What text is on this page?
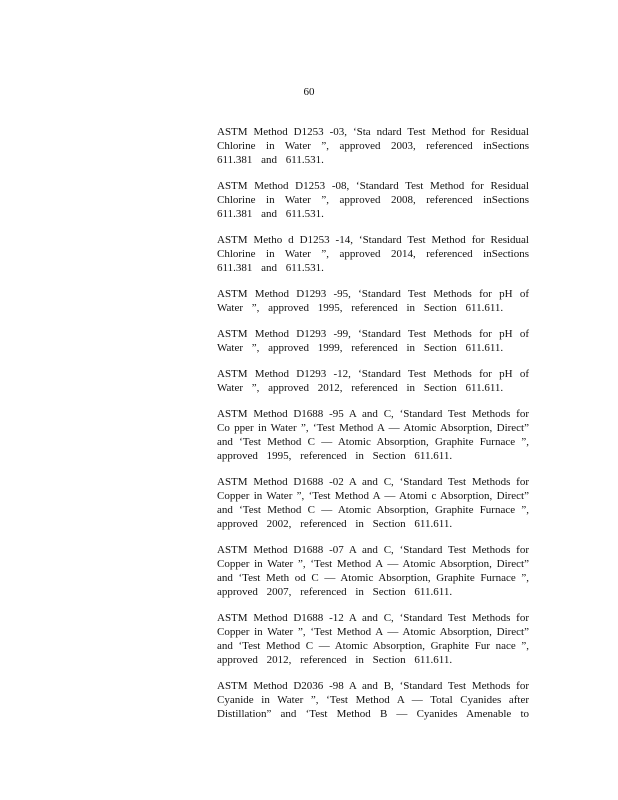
60
ASTM Method D1253 -03, ‘Sta ndard Test Method for Residual
Chlorine in Water ”, approved 2003, referenced inSections
611.381 and 611.531.
ASTM Method D1253 -08, ‘Standard Test Method for Residual
Chlorine in Water ”, approved 2008, referenced inSections
611.381 and 611.531.
ASTM Metho d D1253 -14, ‘Standard Test Method for Residual
Chlorine in Water ”, approved 2014, referenced inSections
611.381 and 611.531.
ASTM Method D1293 -95, ‘Standard Test Methods for pH of
Water ”, approved 1995, referenced in Section 611.611.
ASTM Method D1293 -99, ‘Standard Test Methods for pH of
Water ”, approved 1999, referenced in Section 611.611.
ASTM Method D1293 -12, ‘Standard Test Methods for pH of
Water ”, approved 2012, referenced in Section 611.611.
ASTM Method D1688 -95 A and C, ‘Standard Test Methods for
Co pper in Water ”, ‘Test Method A — Atomic Absorption, Direct”
and ‘Test Method C — Atomic Absorption, Graphite Furnace ”,
approved 1995, referenced in Section 611.611.
ASTM Method D1688 -02 A and C, ‘Standard Test Methods for
Copper in Water ”, ‘Test Method A — Atomi c Absorption, Direct”
and ‘Test Method C — Atomic Absorption, Graphite Furnace ”,
approved 2002, referenced in Section 611.611.
ASTM Method D1688 -07 A and C, ‘Standard Test Methods for
Copper in Water ”, ‘Test Method A — Atomic Absorption, Direct”
and ‘Test Meth od C — Atomic Absorption, Graphite Furnace ”,
approved 2007, referenced in Section 611.611.
ASTM Method D1688 -12 A and C, ‘Standard Test Methods for
Copper in Water ”, ‘Test Method A — Atomic Absorption, Direct”
and ‘Test Method C — Atomic Absorption, Graphite Fur nace ”,
approved 2012, referenced in Section 611.611.
ASTM Method D2036 -98 A and B, ‘Standard Test Methods for
Cyanide in Water ”, ‘Test Method A — Total Cyanides after
Distillation” and ‘Test Method B — Cyanides Amenable to
